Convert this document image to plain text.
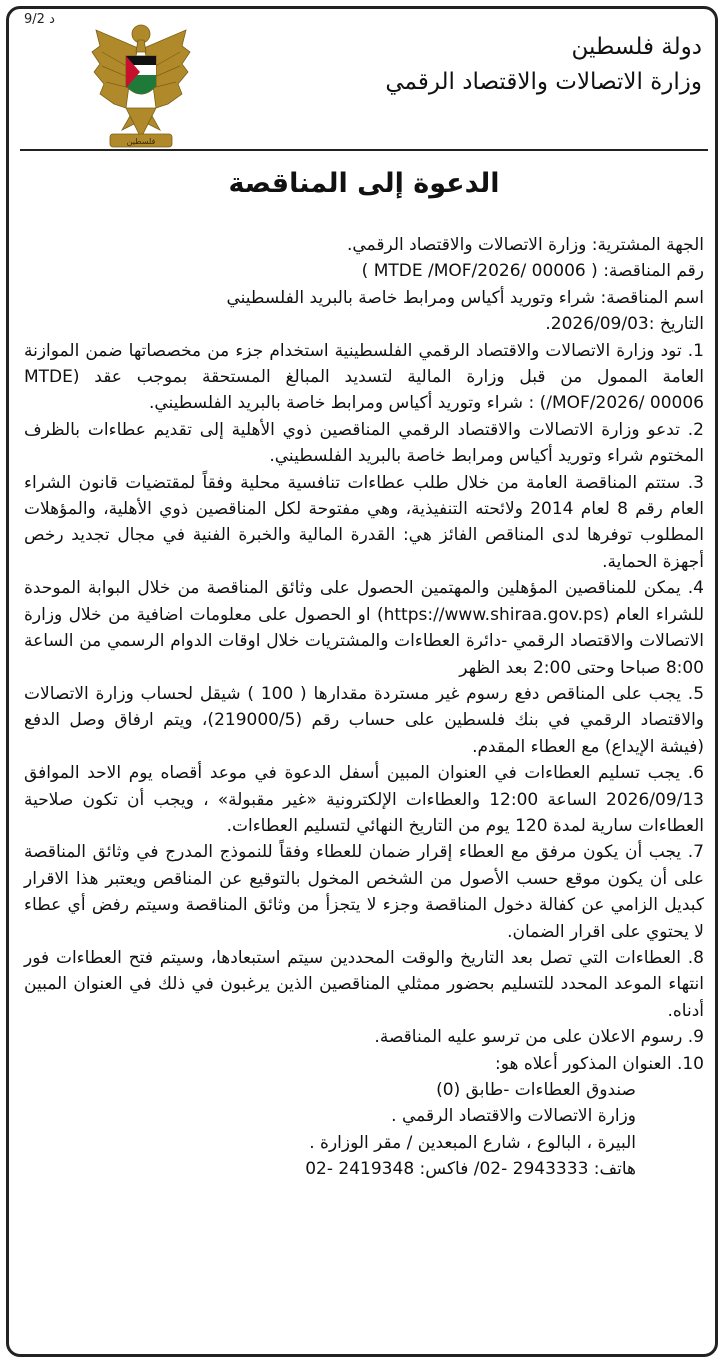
9/2 د
فلسطين
دولة فلسطين
وزارة الاتصالات والاقتصاد الرقمي
الدعوة إلى المناقصة

الجهة المشترية: وزارة الاتصالات والاقتصاد الرقمي.

رقم المناقصة: ( MTDE /MOF/2026/ 00006 )

اسم المناقصة: شراء وتوريد أكياس ومرابط خاصة بالبريد الفلسطيني

التاريخ :2026/09/03.

1. تود وزارة الاتصالات والاقتصاد الرقمي الفلسطينية استخدام جزء من مخصصاتها ضمن الموازنة العامة الممول من قبل وزارة المالية لتسديد المبالغ المستحقة بموجب عقد (MTDE /MOF/2026/ 00006) : شراء وتوريد أكياس ومرابط خاصة بالبريد الفلسطيني.

2. تدعو وزارة الاتصالات والاقتصاد الرقمي المناقصين ذوي الأهلية إلى تقديم عطاءات بالظرف المختوم شراء وتوريد أكياس ومرابط خاصة بالبريد الفلسطيني.

3. ستتم المناقصة العامة من خلال طلب عطاءات تنافسية محلية وفقاً لمقتضيات قانون الشراء العام رقم 8 لعام 2014 ولائحته التنفيذية، وهي مفتوحة لكل المناقصين ذوي الأهلية، والمؤهلات المطلوب توفرها لدى المناقص الفائز هي: القدرة المالية والخبرة الفنية في مجال تجديد رخص أجهزة الحماية.

4. يمكن للمناقصين المؤهلين والمهتمين الحصول على وثائق المناقصة من خلال البوابة الموحدة للشراء العام (https://www.shiraa.gov.ps) او الحصول على معلومات اضافية من خلال وزارة الاتصالات والاقتصاد الرقمي -دائرة العطاءات والمشتريات خلال اوقات الدوام الرسمي من الساعة 8:00 صباحا وحتى 2:00 بعد الظهر

5. يجب على المناقص دفع رسوم غير مستردة مقدارها ( 100 ) شيقل لحساب وزارة الاتصالات والاقتصاد الرقمي في بنك فلسطين على حساب رقم (219000/5)، ويتم ارفاق وصل الدفع (فيشة الإيداع) مع العطاء المقدم.

6. يجب تسليم العطاءات في العنوان المبين أسفل الدعوة في موعد أقصاه يوم الاحد الموافق 2026/09/13 الساعة 12:00 والعطاءات الإلكترونية «غير مقبولة» ، ويجب أن تكون صلاحية العطاءات سارية لمدة 120 يوم من التاريخ النهائي لتسليم العطاءات.

7. يجب أن يكون مرفق مع العطاء إقرار ضمان للعطاء وفقاً للنموذج المدرج في وثائق المناقصة على أن يكون موقع حسب الأصول من الشخص المخول بالتوقيع عن المناقص ويعتبر هذا الاقرار كبديل الزامي عن كفالة دخول المناقصة وجزء لا يتجزأ من وثائق المناقصة وسيتم رفض أي عطاء لا يحتوي على اقرار الضمان.

8. العطاءات التي تصل بعد التاريخ والوقت المحددين سيتم استبعادها، وسيتم فتح العطاءات فور انتهاء الموعد المحدد للتسليم بحضور ممثلي المناقصين الذين يرغبون في ذلك في العنوان المبين أدناه.

9. رسوم الاعلان على من ترسو عليه المناقصة.

10. العنوان المذكور أعلاه هو:

صندوق العطاءات -طابق (0)

وزارة الاتصالات والاقتصاد الرقمي .

البيرة ، البالوع ، شارع المبعدين / مقر الوزارة .

هاتف: 2943333 -02/ فاكس: 2419348 -02
